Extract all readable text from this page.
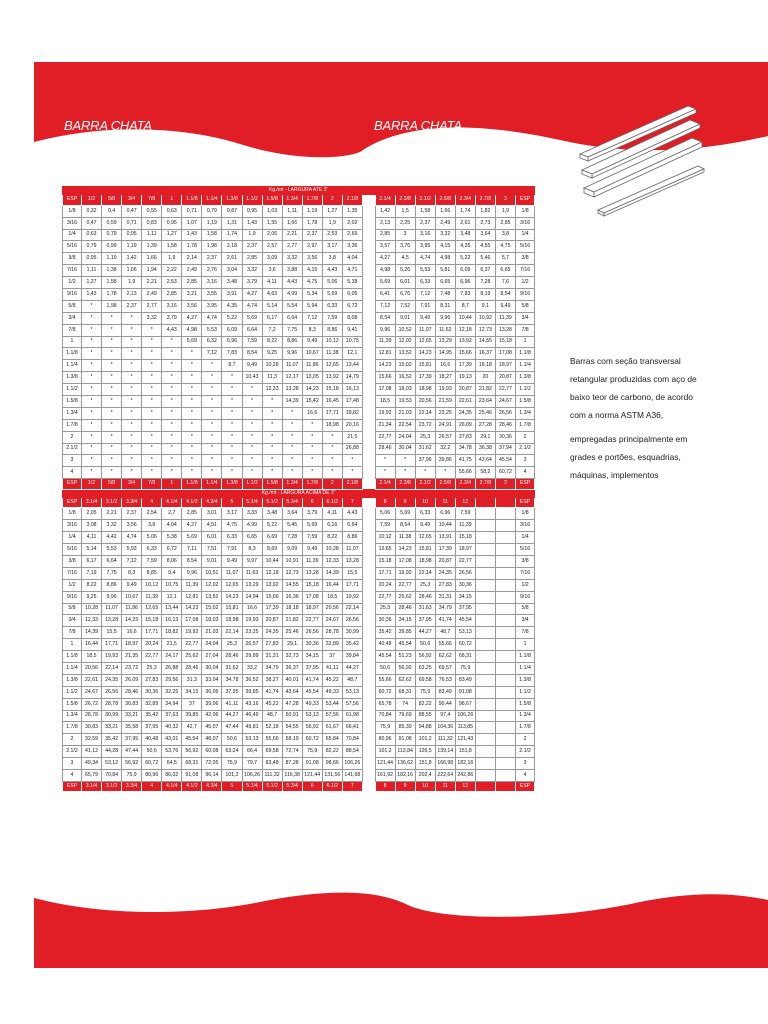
BARRA CHATA	BARRA CHATA

Barras com seção transversal retangular produzidas com aço de baixo teor de carbono, de acordo com a norma ASTM A36,

empregadas principalmente em grades e portões, esquadrias, máquinas, implementos

Kg./mt - LARGURA ATÉ 3"																							
ESP	1/2	5/8	3/4	7/8	1	1.1/8	1.1/4	1.3/8	1.1/2	1.5/8	1.3/4	1.7/8	2	2.1/8		2.1/4	2.3/8	2.1/2	2.5/8	2.3/4	2.7/8	3	ESP
1/8	0,32	0,4	0,47	0,55	0,63	0,71	0,79	0,87	0,95	1,03	1,11	1,19	1,27	1,35		1,42	1,5	1,58	1,66	1,74	1,82	1,9	1/8
3/16	0,47	0,59	0,71	0,83	0,95	1,07	1,19	1,31	1,43	1,55	1,66	1,78	1,9	2,02		2,13	2,25	2,37	2,49	2,61	2,73	2,85	3/16
1/4	0,63	0,79	0,95	1,11	1,27	1,43	1,58	1,74	1,9	2,06	2,21	2,37	2,53	2,69		2,85	3	3,16	3,32	3,48	3,64	3,8	1/4
5/16	0,79	0,99	1,19	1,39	1,58	1,78	1,98	2,18	2,37	2,57	2,77	2,97	3,17	3,36		3,57	3,76	3,95	4,15	4,35	4,55	4,75	5/16
3/8	0,95	1,19	1,42	1,66	1,9	2,14	2,37	2,61	2,85	3,09	3,32	3,56	3,8	4,04		4,27	4,5	4,74	4,98	5,22	5,46	5,7	3/8
7/16	1,11	1,38	1,66	1,94	2,22	2,49	2,76	3,04	3,32	3,6	3,88	4,15	4,43	4,71		4,98	5,26	5,53	5,81	6,09	6,37	6,65	7/16
1/2	1,27	1,58	1,9	2,21	2,53	2,85	3,16	3,48	3,79	4,11	4,43	4,75	5,06	5,38		5,69	6,01	6,33	6,65	6,96	7,28	7,6	1/2
9/16	1,43	1,78	2,13	2,49	2,85	3,21	3,55	3,91	4,27	4,63	4,99	5,34	5,69	6,05		6,41	6,76	7,12	7,48	7,83	8,19	8,54	9/16
5/8	*	1,98	2,37	2,77	3,16	3,56	3,95	4,35	4,74	5,14	5,54	5,94	6,33	6,72		7,12	7,52	7,91	8,31	8,7	9,1	9,49	5/8
3/4	*	*	*	3,32	3,79	4,27	4,74	5,22	5,69	6,17	6,64	7,12	7,59	8,08		8,54	9,01	9,49	9,96	10,44	10,92	11,39	3/4
7/8	*	*	*	*	4,43	4,98	5,53	6,09	6,64	7,2	7,75	8,3	8,86	9,41		9,96	10,52	11,07	11,62	12,18	12,73	13,28	7/8
1	*	*	*	*	*	5,69	6,32	6,96	7,59	8,22	8,86	9,49	10,12	10,75		11,39	12,02	12,65	13,29	13,92	14,55	15,18	1
1.1/8	*	*	*	*	*	*	7,12	7,83	8,54	9,25	9,96	10,67	11,38	12,1		12,81	13,52	14,23	14,95	15,66	16,37	17,08	1.1/8
1.1/4	*	*	*	*	*	*	*	8,7	9,49	10,28	11,07	11,86	12,65	13,44		14,23	15,02	15,81	16,6	17,39	18,18	18,97	1.1/4
1.3/8	*	*	*	*	*	*	*	*	10,43	11,3	12,17	13,05	13,92	14,79		15,66	16,52	17,39	18,27	19,13	20	20,87	1.3/8
1.1/2	*	*	*	*	*	*	*	*	*	12,33	13,28	14,23	15,18	16,13		17,08	18,03	18,98	19,93	20,87	21,82	22,77	1.1/2
1.5/8	*	*	*	*	*	*	*	*	*	*	14,39	15,42	16,45	17,48		18,5	19,53	20,56	21,59	22,61	23,64	24,67	1.5/8
1.3/4	*	*	*	*	*	*	*	*	*	*	*	16,6	17,71	18,82		19,92	21,03	22,14	23,25	24,35	25,46	26,56	1.3/4
1.7/8	*	*	*	*	*	*	*	*	*	*	*	*	18,98	20,16		21,34	22,54	23,72	24,91	26,09	27,28	28,46	1.7/8
2	*	*	*	*	*	*	*	*	*	*	*	*	*	21,5		22,77	24,04	25,3	26,57	27,83	29,1	30,36	2
2.1/2	*	*	*	*	*	*	*	*	*	*	*	*	*	26,88		28,46	30,04	31,62	32,2	34,78	36,38	37,94	2.1/2
3	*	*	*	*	*	*	*	*	*	*	*	*	*	*		*	*	37,96	39,86	41,75	43,64	45,54	3
4	*	*	*	*	*	*	*	*	*	*	*	*	*	*		*	*	*	*	55,66	58,2	60,72	4
ESP	1/2	5/8	3/4	7/8	1	1.1/8	1.1/4	1.3/8	1.1/2	1.5/8	1.3/4	1.7/8	2	2.1/8		2.1/4	2.3/8	2.1/2	2.5/8	2.3/4	2.7/8	3	ESP
Kg./mt - LARGURA ACIMA DE 3"																							
ESP	3.1/4	3.1/2	3.3/4	4	4.1/4	4.1/2	4.3/4	5	5.1/4	5.1/2	5.3/4	6	6.1/2	7		8	9	10	11	12			ESP
1/8	2,05	2,21	2,37	2,54	2,7	2,85	3,01	3,17	3,33	3,48	3,64	3,79	4,11	4,43		5,06	5,69	6,33	6,96	7,59			1/8
3/16	3,08	3,32	3,56	3,8	4,04	4,27	4,51	4,75	4,99	5,22	5,45	5,69	6,16	6,64		7,59	8,54	9,49	10,44	11,39			3/16
1/4	4,11	4,42	4,74	5,06	5,38	5,69	6,01	6,33	6,65	6,69	7,28	7,59	8,22	8,86		10,12	11,38	12,65	13,91	15,18			1/4
5/16	5,14	5,53	5,93	6,33	6,72	7,11	7,51	7,91	8,3	8,69	9,09	9,49	10,28	11,07		12,65	14,23	15,81	17,39	18,97			5/16
3/8	6,17	6,64	7,12	7,59	8,06	8,54	9,01	9,49	9,97	10,44	10,91	11,39	12,33	13,28		15,18	17,08	18,98	20,87	22,77			3/8
7/16	7,19	7,75	8,3	8,85	9,4	9,96	10,51	11,07	11,63	12,18	12,73	13,28	14,39	15,5		17,71	19,92	22,14	24,35	26,56			7/16
1/2	8,22	8,86	9,49	10,12	10,75	11,39	12,02	12,65	13,29	13,92	14,55	15,18	16,44	17,71		20,24	22,77	25,3	27,83	30,36			1/2
9/16	9,25	9,96	10,67	11,39	12,1	12,81	13,52	14,23	14,94	15,66	16,36	17,08	18,5	19,92		22,77	25,62	28,46	31,31	34,15			9/16
5/8	10,28	11,07	11,86	12,65	13,44	14,23	15,02	15,81	16,6	17,39	18,18	18,97	20,56	22,14		25,3	28,46	31,63	34,79	37,95			5/8
3/4	12,33	13,28	14,23	15,18	16,13	17,08	18,03	18,98	19,93	20,87	21,82	22,77	24,67	26,56		30,36	34,15	37,95	41,74	45,54			3/4
7/8	14,39	15,5	16,6	17,71	18,82	19,92	21,03	22,14	23,25	24,35	25,46	26,56	28,78	30,99		35,42	39,85	44,27	48,7	53,13			7/8
1	16,44	17,71	18,97	20,24	21,5	22,77	24,04	25,3	26,57	27,83	29,1	30,36	32,89	35,42		40,48	45,54	50,6	55,66	60,72			1
1.1/8	18,5	19,93	21,35	22,77	24,17	25,62	27,04	28,46	29,89	31,31	32,73	34,15	37	39,84		45,54	51,23	56,92	62,62	68,31			1.1/8
1.1/4	20,56	22,14	23,72	25,3	26,88	28,46	30,04	31,62	33,2	34,79	36,37	37,95	41,11	44,27		50,6	56,92	63,25	69,57	75,9			1.1/4
1.3/8	22,61	24,35	26,09	27,83	29,56	31,3	33,04	34,78	36,52	38,27	40,01	41,74	45,22	48,7		55,66	62,62	69,58	76,53	83,49			1.3/8
1.1/2	24,67	26,56	28,46	30,36	32,25	34,15	36,05	37,95	39,85	41,74	43,64	45,54	49,33	53,13		60,72	68,31	75,9	83,49	91,08			1.1/2
1.5/8	26,72	28,78	30,83	32,89	34,94	37	39,06	41,11	43,16	45,22	47,28	49,33	53,44	57,56		65,78	74	82,22	90,44	98,67			1.5/8
1.3/4	28,78	30,99	33,21	35,42	37,63	39,85	42,06	44,27	46,49	48,7	50,91	53,13	57,56	61,98		70,84	79,69	88,55	97,4	106,26			1.3/4
1.7/8	30,83	33,21	35,58	37,95	40,32	42,7	45,07	47,44	49,81	52,18	54,55	56,92	61,67	66,41		75,9	85,39	94,88	104,36	113,85			1.7/8
2	32,59	35,42	37,95	40,48	43,01	45,54	48,07	50,6	53,13	55,66	58,19	60,72	65,84	70,84		80,96	91,08	101,2	111,32	121,43			2
2.1/2	41,12	44,28	47,44	50,6	53,76	56,92	60,08	63,24	66,4	69,58	72,74	75,9	82,22	88,54		101,2	113,84	126,5	139,14	151,8			2.1/2
3	49,34	53,12	56,92	60,72	64,5	68,31	72,05	75,9	79,7	83,48	87,28	91,08	98,66	106,26		121,44	136,62	151,8	166,98	182,16			3
4	65,79	70,84	75,9	80,96	86,02	91,08	96,14	101,2	106,26	111,32	116,38	121,44	131,56	141,68		161,92	182,16	202,4	222,64	242,86			4
ESP	3.1/4	3.1/2	3.3/4	4	4.1/4	4.1/2	4.3/4	5	5.1/4	5.1/2	5.3/4	6	6.1/2	7		8	9	10	11	12			ESP
